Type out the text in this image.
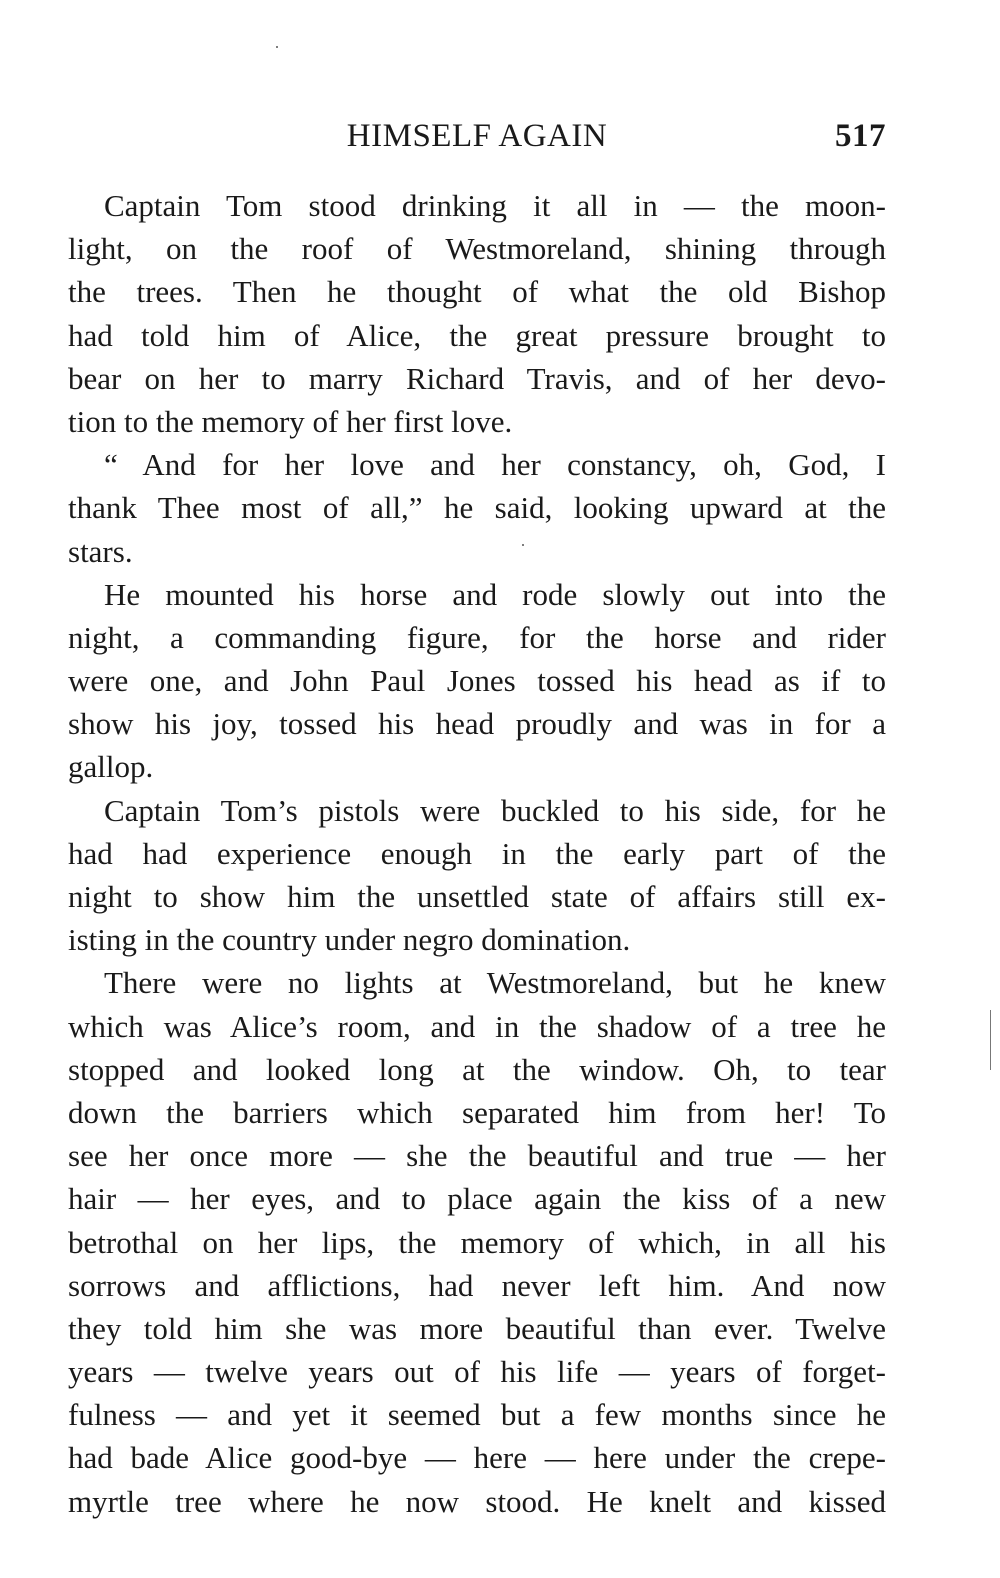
HIMSELF AGAIN	517
Captain Tom stood drinking it all in — the moon-
light, on the roof of Westmoreland, shining through
the trees. Then he thought of what the old Bishop
had told him of Alice, the great pressure brought to
bear on her to marry Richard Travis, and of her devo-
tion to the memory of her first love.
“ And for her love and her constancy, oh, God, I
thank Thee most of all,” he said, looking upward at the
stars.
He mounted his horse and rode slowly out into the
night, a commanding figure, for the horse and rider
were one, and John Paul Jones tossed his head as if to
show his joy, tossed his head proudly and was in for a
gallop.
Captain Tom’s pistols were buckled to his side, for he
had had experience enough in the early part of the
night to show him the unsettled state of affairs still ex-
isting in the country under negro domination.
There were no lights at Westmoreland, but he knew
which was Alice’s room, and in the shadow of a tree he
stopped and looked long at the window. Oh, to tear
down the barriers which separated him from her! To
see her once more — she the beautiful and true — her
hair — her eyes, and to place again the kiss of a new
betrothal on her lips, the memory of which, in all his
sorrows and afflictions, had never left him. And now
they told him she was more beautiful than ever. Twelve
years — twelve years out of his life — years of forget-
fulness — and yet it seemed but a few months since he
had bade Alice good-bye — here — here under the crepe-
myrtle tree where he now stood. He knelt and kissed
